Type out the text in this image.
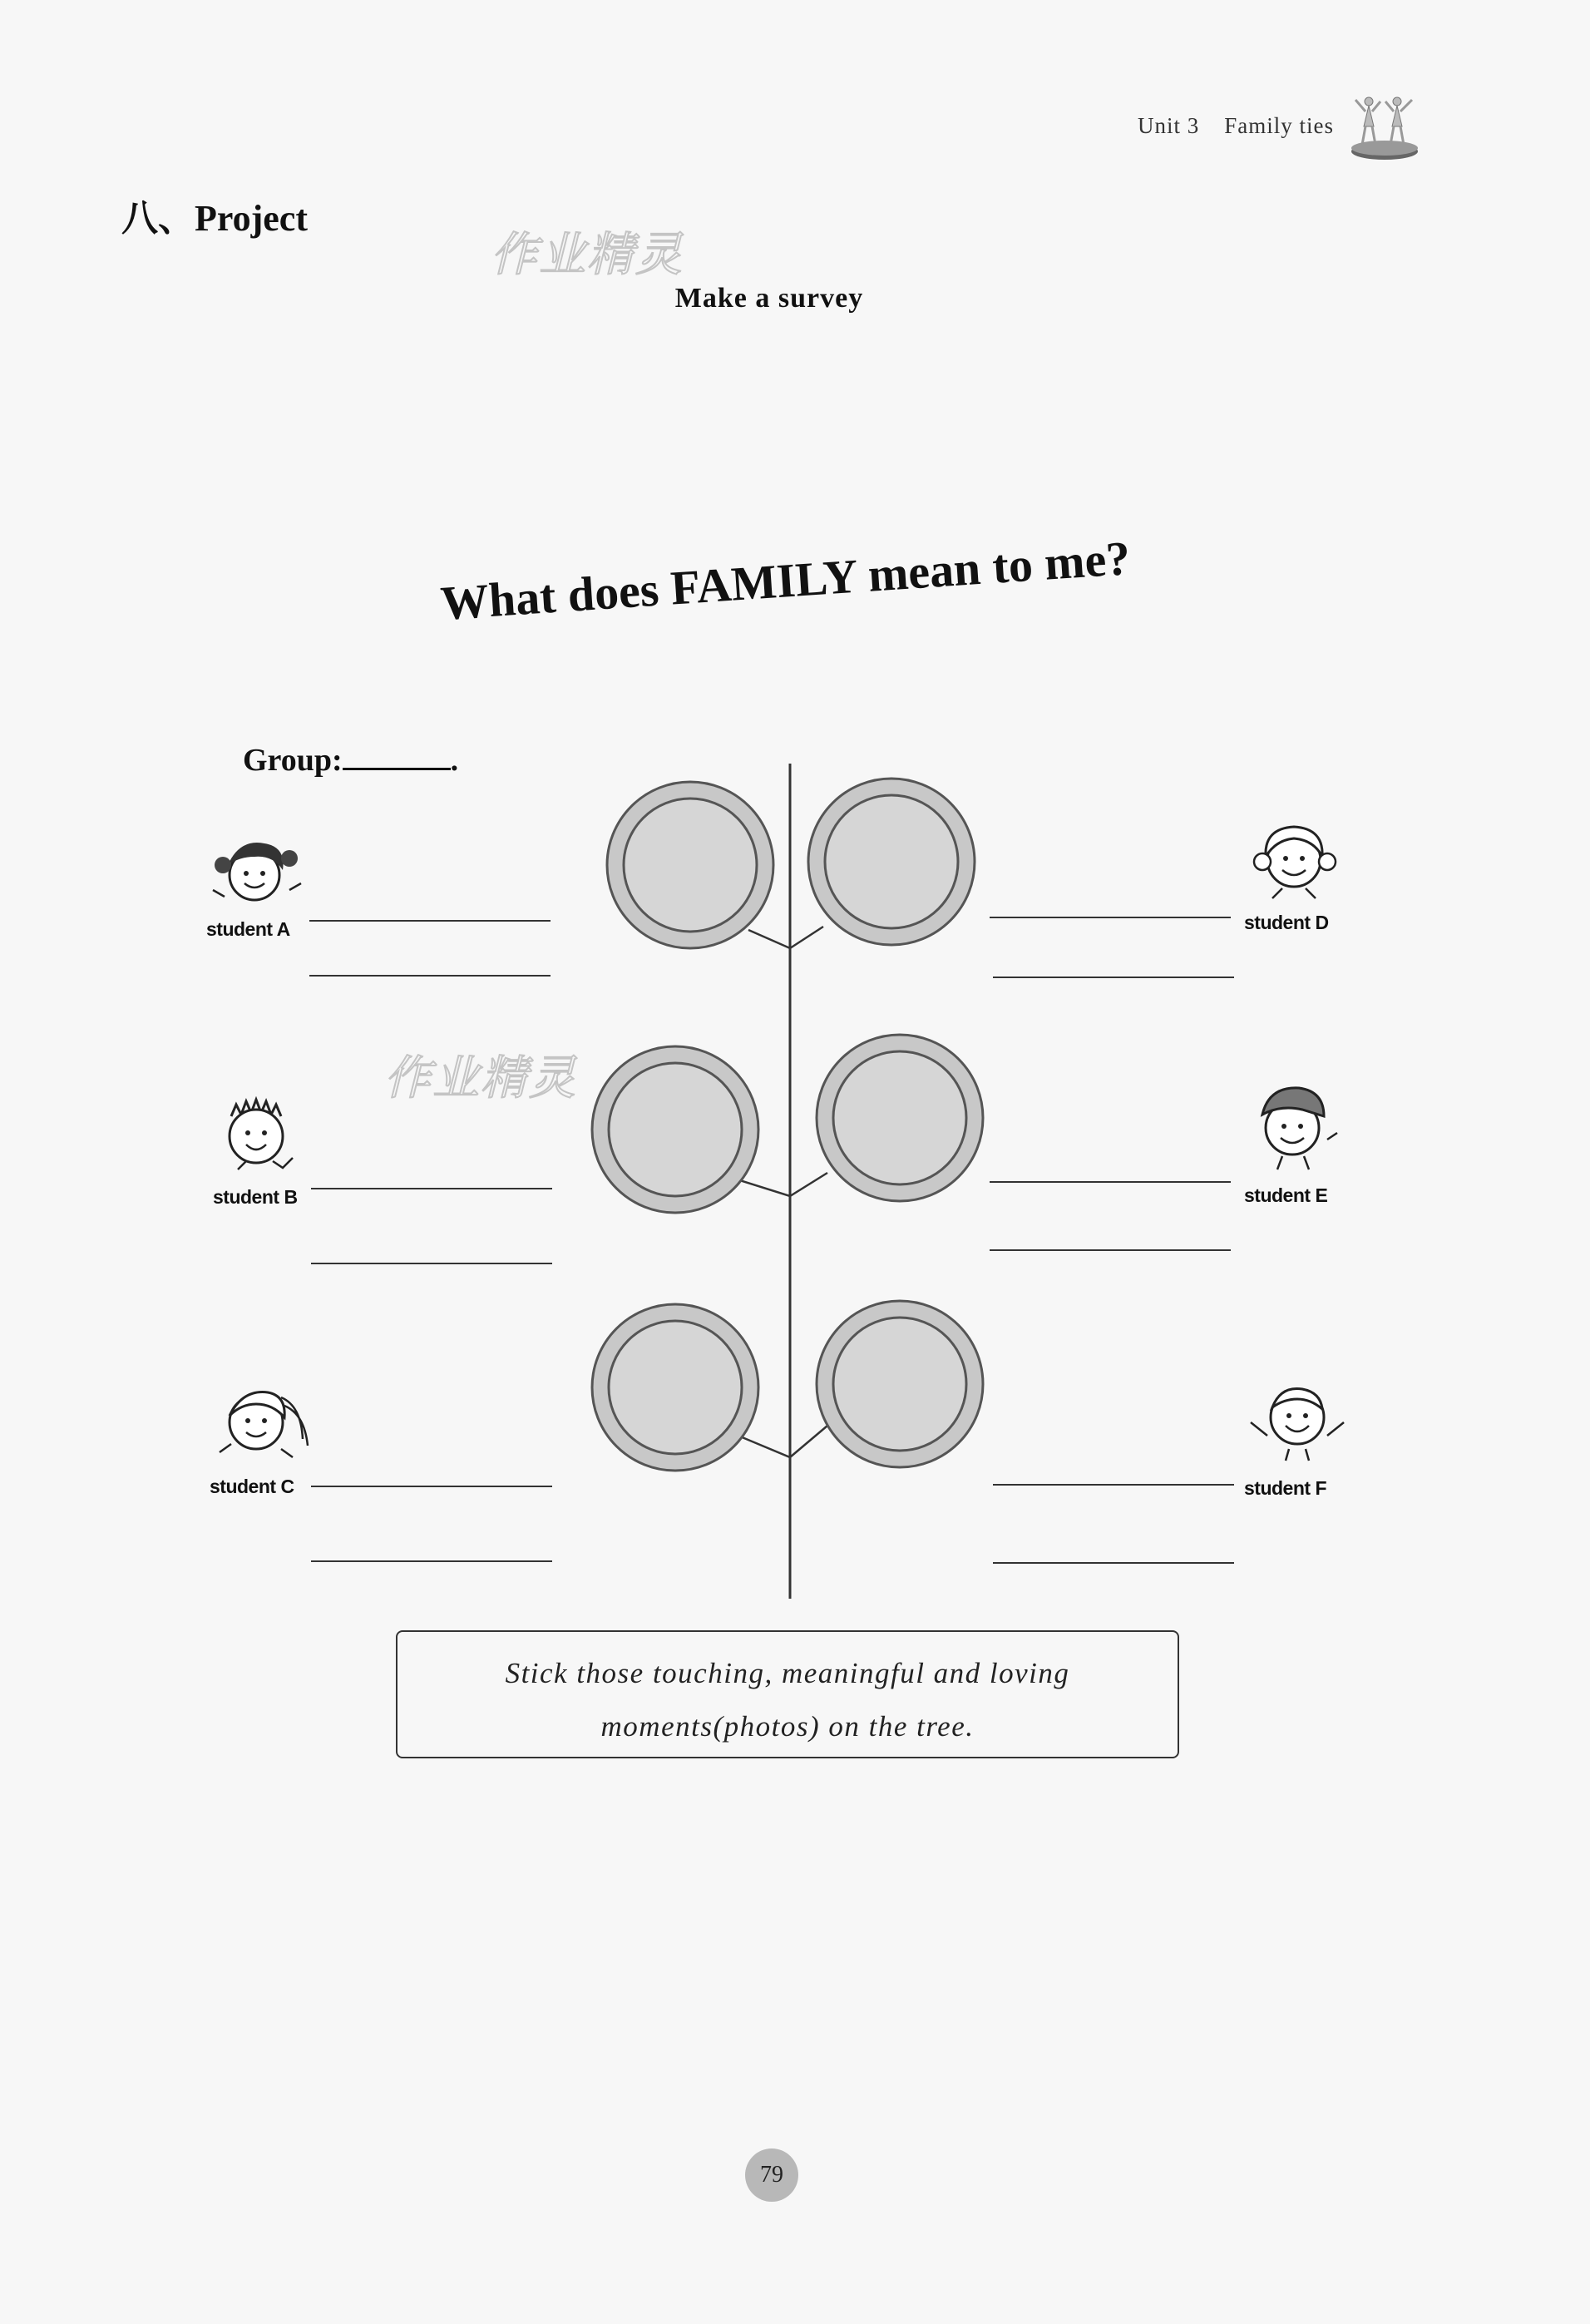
Unit 3 Family ties
八、Project
作业精灵
Make a survey
What does FAMILY mean to me?
Group:	.
作业精灵
student A
student B
student C
student D
student E
student F
Stick those touching, meaningful and loving
moments(photos) on the tree.
79
